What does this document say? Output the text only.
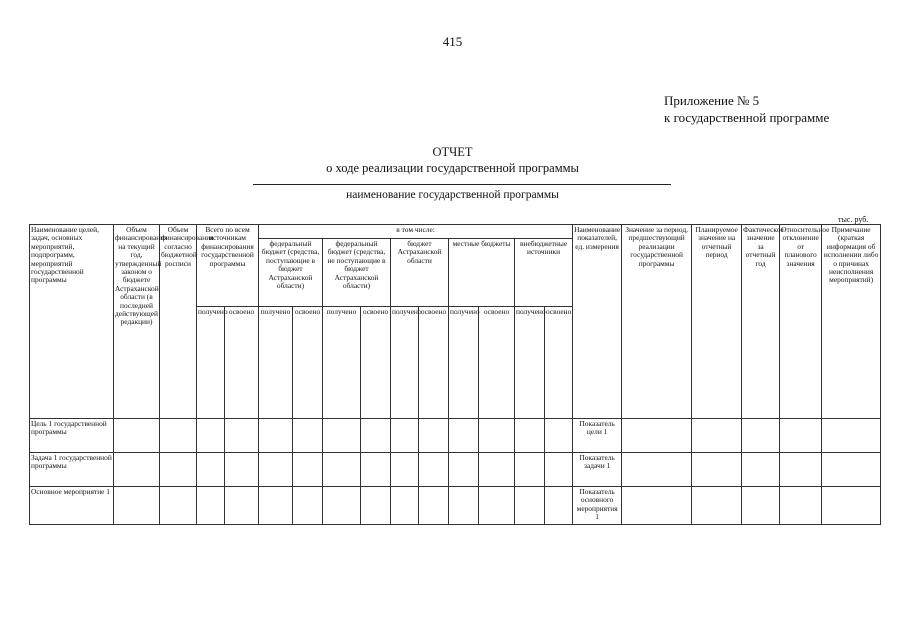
415
Приложение № 5
к государственной программе
ОТЧЕТ
о ходе реализации государственной программы
наименование государственной программы
тыс. руб.
Наименование целей, задач, основных мероприятий, подпрограмм, мероприятий государственной программы	Объем финансирования на текущий год, утвержденный законом о бюджете Астраханской области (в последней действующей редакции)	Объем финансирования согласно бюджетной росписи	Всего по всем источникам финансирования государственной программы		в том числе:										Наименование показателей, ед. измерения	Значение за период, предшествующий реализации государственной программы	Планируемое значение на отчетный период	Фактическое значение за отчетный год	Относительное отклонение от планового значения	Примечание (краткая информация об исполнении либо о причинах неисполнения мероприятий)
					федеральный бюджет (средства, поступающие в бюджет Астраханской области)		федеральный бюджет (средства, не поступающие в бюджет Астраханской области)		бюджет Астраханской области		местные бюджеты		внебюджетные источники							
			получено	освоено	получено	освоено	получено	освоено	получено	освоено	получено	освоено	получено	освоено						
Цель 1 государственной программы															Показатель цели 1					
Задача 1 государственной программы															Показатель задачи 1					
Основное мероприятие 1															Показатель основного мероприятия 1					
